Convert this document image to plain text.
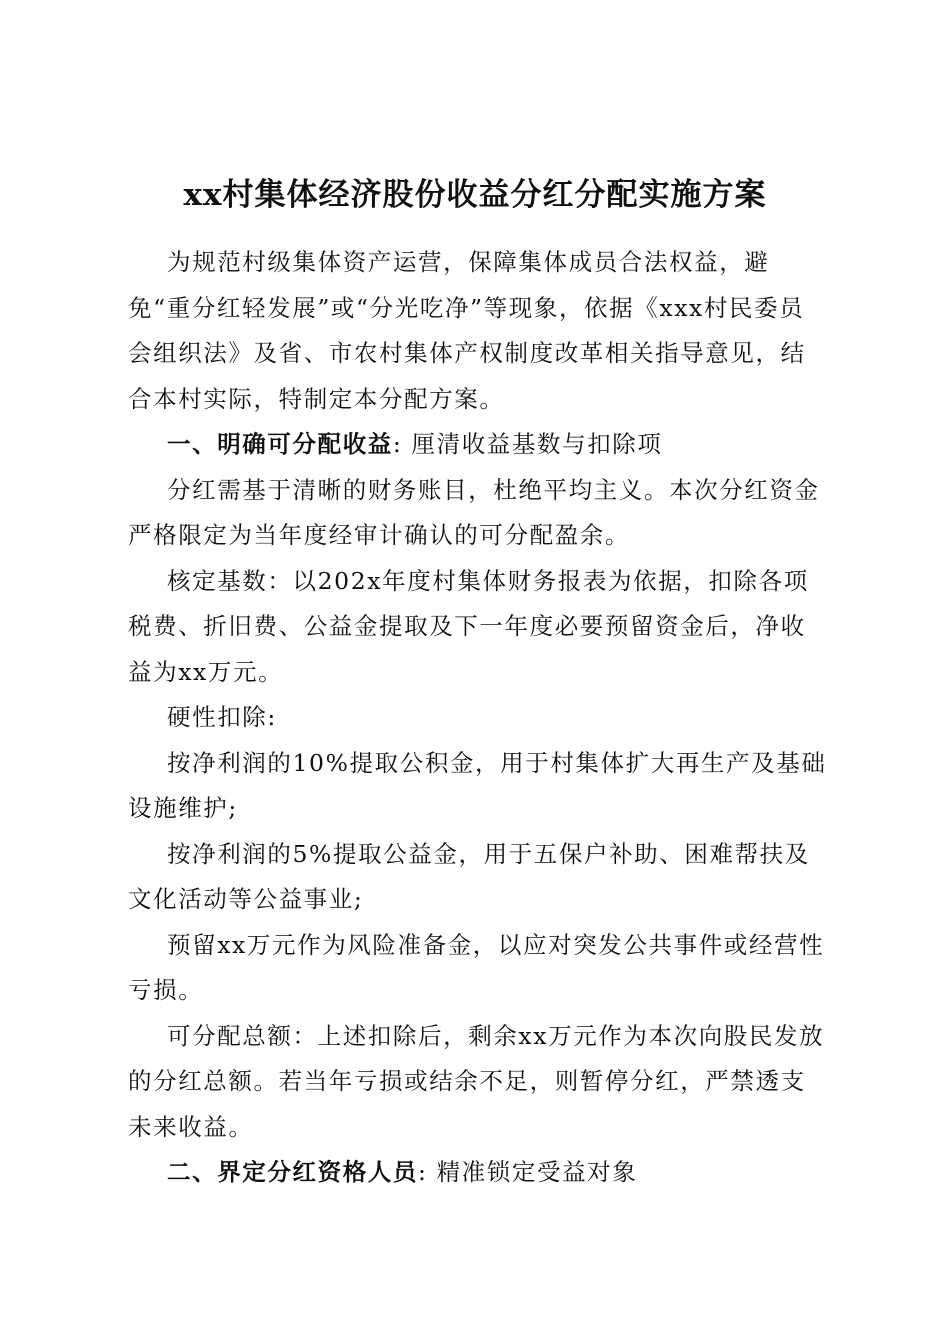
xx村集体经济股份收益分红分配实施方案

为规范村级集体资产运营，保障集体成员合法权益，避免“重分红轻发展”或“分光吃净”等现象，依据《xxx村民委员会组织法》及省、市农村集体产权制度改革相关指导意见，结合本村实际，特制定本分配方案。

一、明确可分配收益: 厘清收益基数与扣除项

分红需基于清晰的财务账目，杜绝平均主义。本次分红资金严格限定为当年度经审计确认的可分配盈余。

核定基数：以202x年度村集体财务报表为依据，扣除各项税费、折旧费、公益金提取及下一年度必要预留资金后，净收益为xx万元。

硬性扣除:

按净利润的10%提取公积金，用于村集体扩大再生产及基础设施维护;

按净利润的5%提取公益金，用于五保户补助、困难帮扶及文化活动等公益事业;

预留xx万元作为风险准备金，以应对突发公共事件或经营性亏损。

可分配总额：上述扣除后，剩余xx万元作为本次向股民发放的分红总额。若当年亏损或结余不足，则暂停分红，严禁透支未来收益。

二、界定分红资格人员: 精准锁定受益对象
